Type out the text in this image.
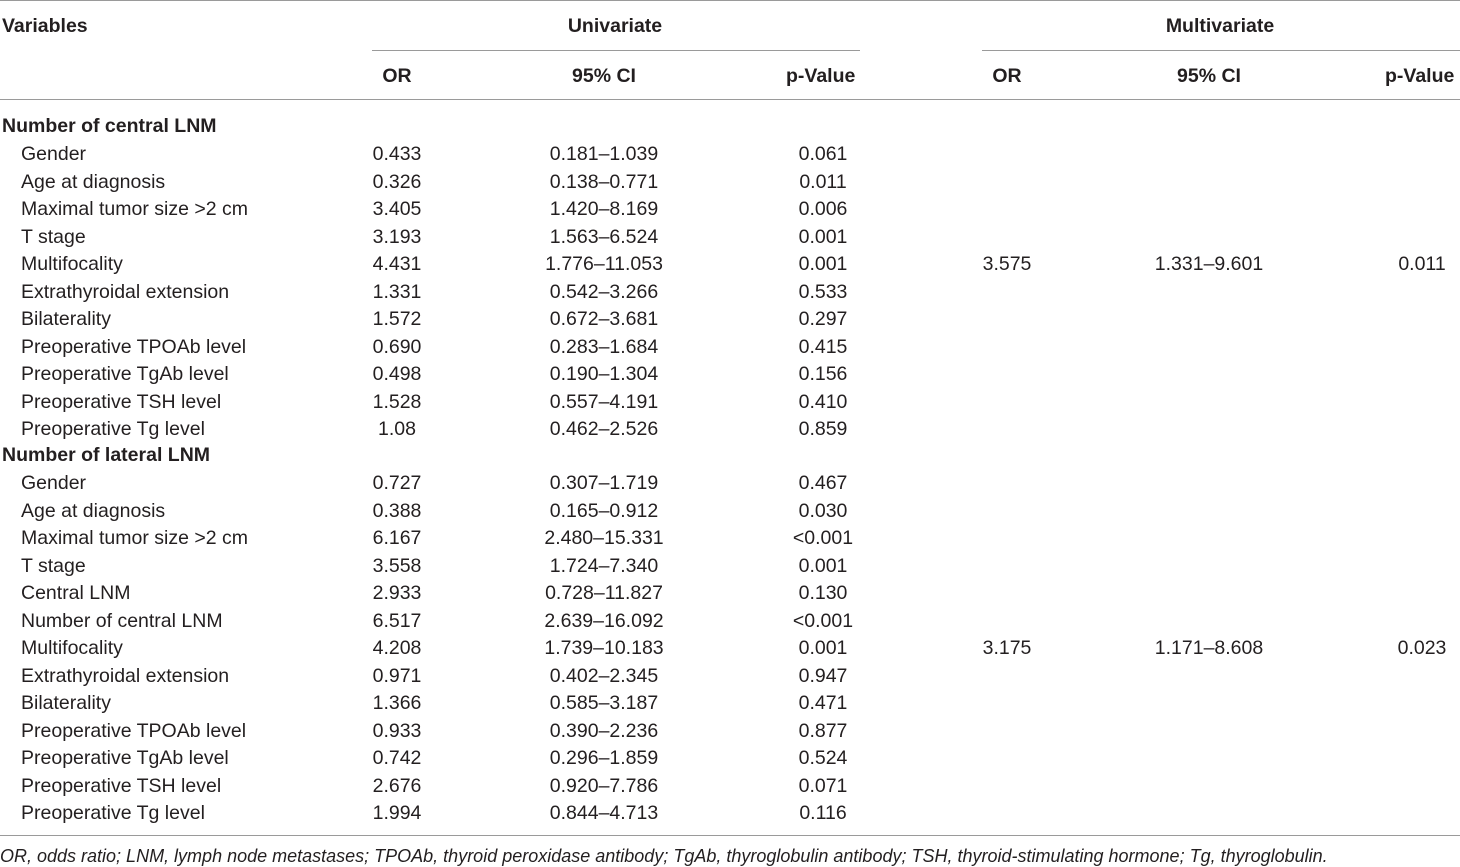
Variables	Univariate	Multivariate
OR	95% CI	p-Value	OR	95% CI	p-Value
Number of central LNM
Gender	0.433	0.181–1.039	0.061
Age at diagnosis	0.326	0.138–0.771	0.011
Maximal tumor size >2 cm	3.405	1.420–8.169	0.006
T stage	3.193	1.563–6.524	0.001
Multifocality	4.431	1.776–11.053	0.001	3.575	1.331–9.601	0.011
Extrathyroidal extension	1.331	0.542–3.266	0.533
Bilaterality	1.572	0.672–3.681	0.297
Preoperative TPOAb level	0.690	0.283–1.684	0.415
Preoperative TgAb level	0.498	0.190–1.304	0.156
Preoperative TSH level	1.528	0.557–4.191	0.410
Preoperative Tg level	1.08	0.462–2.526	0.859
Number of lateral LNM
Gender	0.727	0.307–1.719	0.467
Age at diagnosis	0.388	0.165–0.912	0.030
Maximal tumor size >2 cm	6.167	2.480–15.331	<0.001
T stage	3.558	1.724–7.340	0.001
Central LNM	2.933	0.728–11.827	0.130
Number of central LNM	6.517	2.639–16.092	<0.001
Multifocality	4.208	1.739–10.183	0.001	3.175	1.171–8.608	0.023
Extrathyroidal extension	0.971	0.402–2.345	0.947
Bilaterality	1.366	0.585–3.187	0.471
Preoperative TPOAb level	0.933	0.390–2.236	0.877
Preoperative TgAb level	0.742	0.296–1.859	0.524
Preoperative TSH level	2.676	0.920–7.786	0.071
Preoperative Tg level	1.994	0.844–4.713	0.116
OR, odds ratio; LNM, lymph node metastases; TPOAb, thyroid peroxidase antibody; TgAb, thyroglobulin antibody; TSH, thyroid-stimulating hormone; Tg, thyroglobulin.
